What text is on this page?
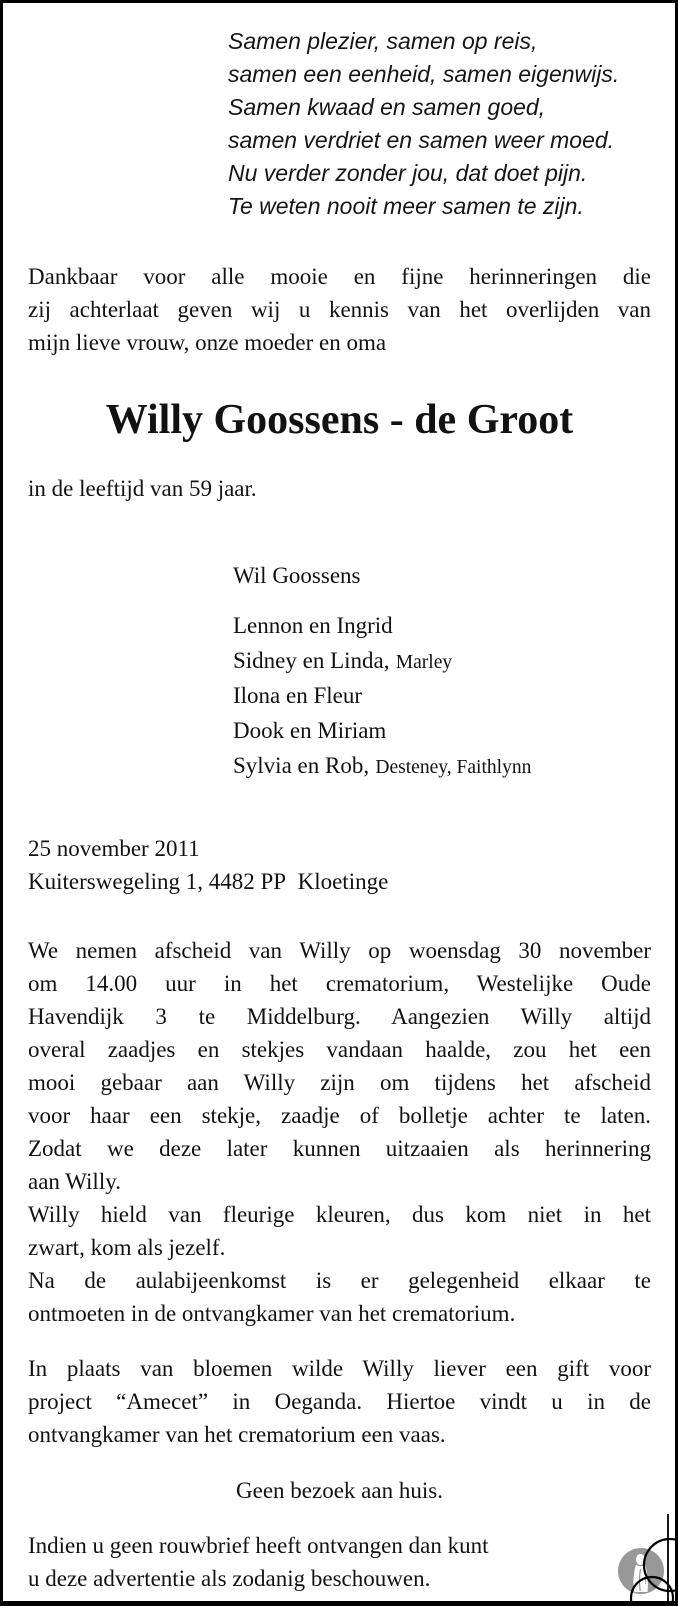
Samen plezier, samen op reis,
samen een eenheid, samen eigenwijs.
Samen kwaad en samen goed,
samen verdriet en samen weer moed.
Nu verder zonder jou, dat doet pijn.
Te weten nooit meer samen te zijn.
Dankbaar voor alle mooie en fijne herinneringen die
zij achterlaat geven wij u kennis van het overlijden van
mijn lieve vrouw, onze moeder en oma
Willy Goossens - de Groot
in de leeftijd van 59 jaar.
Wil Goossens
Lennon en Ingrid
Sidney en Linda, Marley
Ilona en Fleur
Dook en Miriam
Sylvia en Rob, Desteney, Faithlynn
25 november 2011
Kuiterswegeling 1, 4482 PP  Kloetinge
We nemen afscheid van Willy op woensdag 30 november
om 14.00 uur in het crematorium, Westelijke Oude
Havendijk 3 te Middelburg. Aangezien Willy altijd
overal zaadjes en stekjes vandaan haalde, zou het een
mooi gebaar aan Willy zijn om tijdens het afscheid
voor haar een stekje, zaadje of bolletje achter te laten.
Zodat we deze later kunnen uitzaaien als herinnering
aan Willy.
Willy hield van fleurige kleuren, dus kom niet in het
zwart, kom als jezelf.
Na de aulabijeenkomst is er gelegenheid elkaar te
ontmoeten in de ontvangkamer van het crematorium.
In plaats van bloemen wilde Willy liever een gift voor
project “Amecet” in Oeganda. Hiertoe vindt u in de
ontvangkamer van het crematorium een vaas.
Geen bezoek aan huis.
Indien u geen rouwbrief heeft ontvangen dan kunt
u deze advertentie als zodanig beschouwen.
